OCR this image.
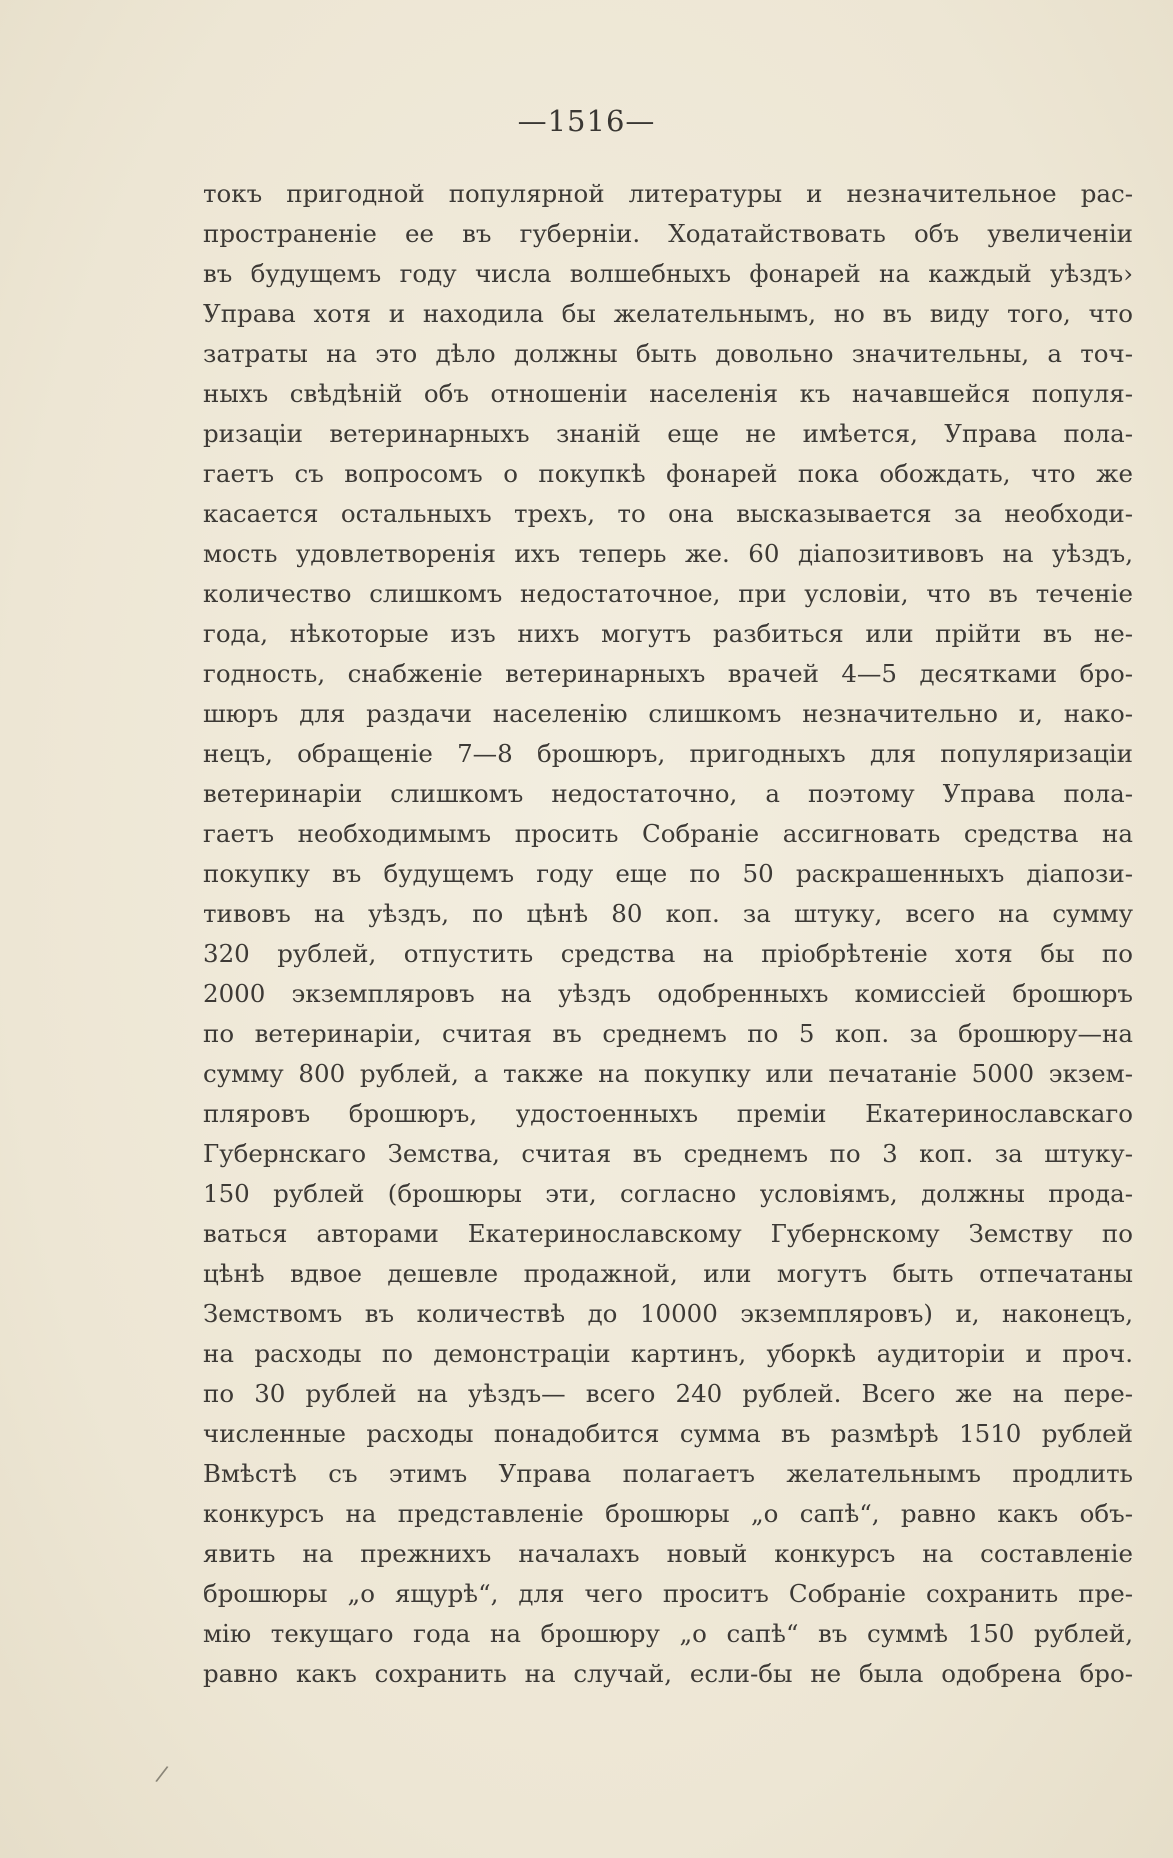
—1516—
токъ пригодной популярной литературы и незначительное рас-
пространеніе ее въ губерніи. Ходатайствовать объ увеличеніи
въ будущемъ году числа волшебныхъ фонарей на каждый уѣздъ›
Управа хотя и находила бы желательнымъ, но въ виду того, что
затраты на это дѣло должны быть довольно значительны, а точ-
ныхъ свѣдѣній объ отношеніи населенія къ начавшейся популя-
ризаціи ветеринарныхъ знаній еще не имѣется, Управа пола-
гаетъ съ вопросомъ о покупкѣ фонарей пока обождать, что же
касается остальныхъ трехъ, то она высказывается за необходи-
мость удовлетворенія ихъ теперь же. 60 діапозитивовъ на уѣздъ,
количество слишкомъ недостаточное, при условіи, что въ теченіе
года, нѣкоторые изъ нихъ могутъ разбиться или прійти въ не-
годность, снабженіе ветеринарныхъ врачей 4—5 десятками бро-
шюръ для раздачи населенію слишкомъ незначительно и, нако-
нецъ, обращеніе 7—8 брошюръ, пригодныхъ для популяризаціи
ветеринаріи слишкомъ недостаточно, а поэтому Управа пола-
гаетъ необходимымъ просить Собраніе ассигновать средства на
покупку въ будущемъ году еще по 50 раскрашенныхъ діапози-
тивовъ на уѣздъ, по цѣнѣ 80 коп. за штуку, всего на сумму
320 рублей, отпустить средства на пріобрѣтеніе хотя бы по
2000 экземпляровъ на уѣздъ одобренныхъ комиссіей брошюръ
по ветеринаріи, считая въ среднемъ по 5 коп. за брошюру—на
сумму 800 рублей, а также на покупку или печатаніе 5000 экзем-
пляровъ брошюръ, удостоенныхъ преміи Екатеринославскаго
Губернскаго Земства, считая въ среднемъ по 3 коп. за штуку-
150 рублей (брошюры эти, согласно условіямъ, должны прода-
ваться авторами Екатеринославскому Губернскому Земству по
цѣнѣ вдвое дешевле продажной, или могутъ быть отпечатаны
Земствомъ въ количествѣ до 10000 экземпляровъ) и, наконецъ,
на расходы по демонстраціи картинъ, уборкѣ аудиторіи и проч.
по 30 рублей на уѣздъ— всего 240 рублей. Всего же на пере-
численные расходы понадобится сумма въ размѣрѣ 1510 рублей
Вмѣстѣ съ этимъ Управа полагаетъ желательнымъ продлить
конкурсъ на представленіе брошюры „о сапѣ“, равно какъ объ-
явить на прежнихъ началахъ новый конкурсъ на составленіе
брошюры „о ящурѣ“, для чего проситъ Собраніе сохранить пре-
мію текущаго года на брошюру „о сапѣ“ въ суммѣ 150 рублей,
равно какъ сохранить на случай, если-бы не была одобрена бро-
/
